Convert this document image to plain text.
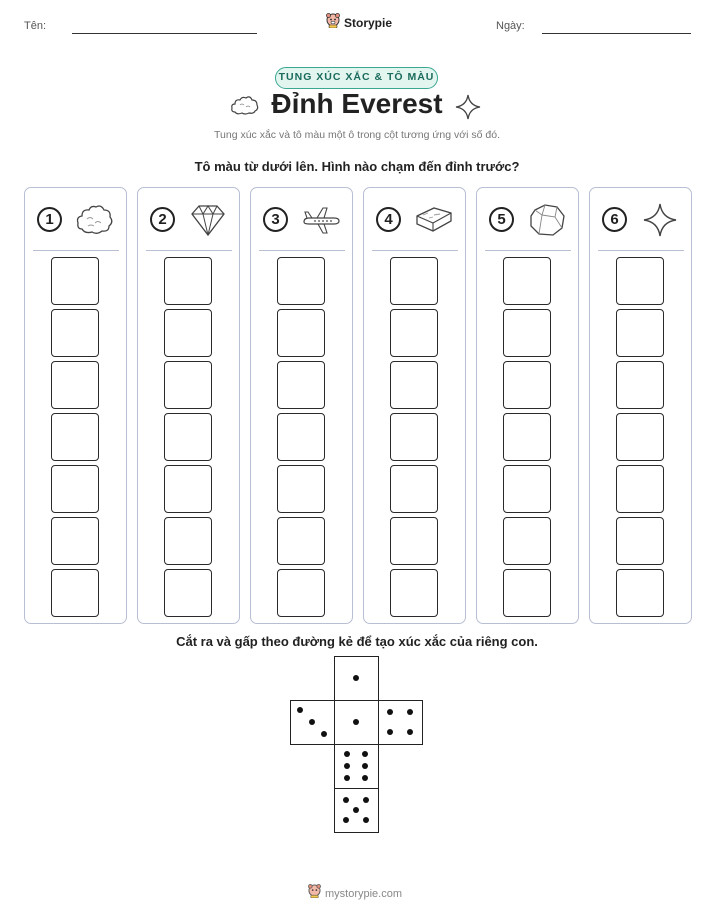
Tên:	Storypie	Ngày:
TUNG XÚC XẮC & TÔ MÀU
Đỉnh Everest
Tung xúc xắc và tô màu một ô trong cột tương ứng với số đó.
Tô màu từ dưới lên. Hình nào chạm đến đỉnh trước?
1	2	3	4	5	6
Cắt ra và gấp theo đường kẻ để tạo xúc xắc của riêng con.
mystorypie.com
